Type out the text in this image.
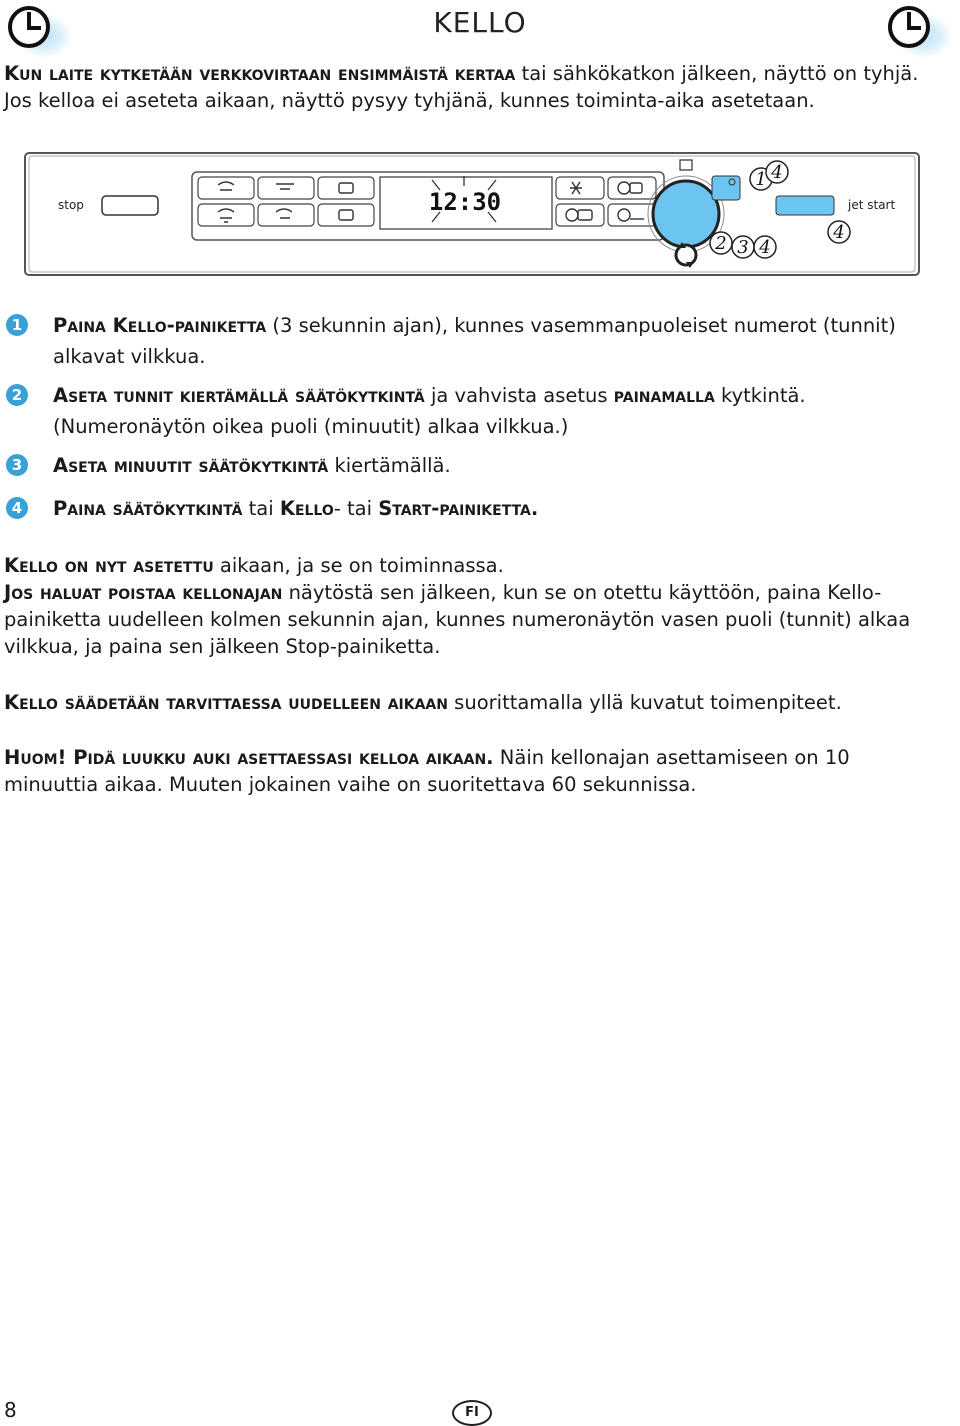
KELLO
Kun laite kytketään verkkovirtaan ensimmäistä kertaa tai sähkökatkon jälkeen, näyttö on tyhjä. Jos kelloa ei aseteta aikaan, näyttö pysyy tyhjänä, kunnes toiminta-aika asetetaan.
12:30
1 4
4
2 3 4
stop	jet start
1 Paina Kello-painiketta (3 sekunnin ajan), kunnes vasemmanpuoleiset numerot (tunnit) alkavat vilkkua.
2 Aseta tunnit kiertämällä säätökytkintä ja vahvista asetus painamalla kytkintä.
(Numeronäytön oikea puoli (minuutit) alkaa vilkkua.)
3 Aseta minuutit säätökytkintä kiertämällä.
4 Paina säätökytkintä tai Kello- tai Start-painiketta.
Kello on nyt asetettu aikaan, ja se on toiminnassa.
Jos haluat poistaa kellonajan näytöstä sen jälkeen, kun se on otettu käyttöön, paina Kello-painiketta uudelleen kolmen sekunnin ajan, kunnes numeronäytön vasen puoli (tunnit) alkaa vilkkua, ja paina sen jälkeen Stop-painiketta.
Kello säädetään tarvittaessa uudelleen aikaan suorittamalla yllä kuvatut toimenpiteet.
Huom! Pidä luukku auki asettaessasi kelloa aikaan. Näin kellonajan asettamiseen on 10 minuuttia aikaa. Muuten jokainen vaihe on suoritettava 60 sekunnissa.
8	FI
